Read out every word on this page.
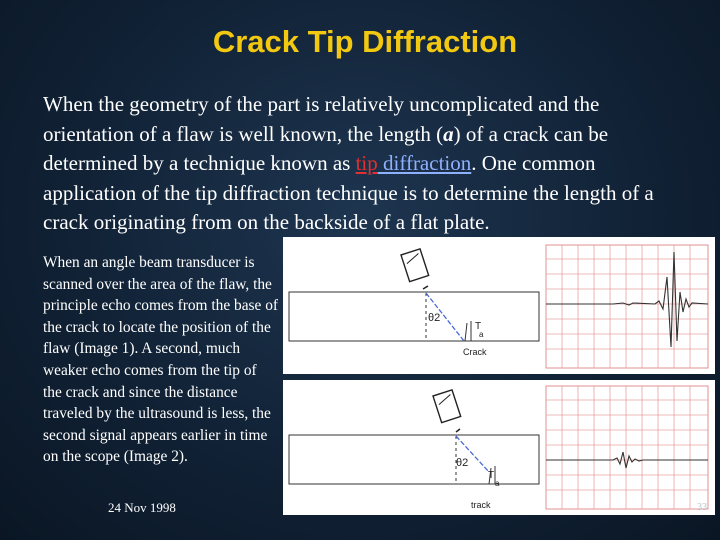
Crack Tip Diffraction

When the geometry of the part is relatively uncomplicated and the orientation of a flaw is well known, the length (a) of a crack can be determined by a technique known as tip diffraction. One common application of the tip diffraction technique is to determine the length of a crack originating from on the backside of a flat plate.

When an angle beam transducer is scanned over the area of the flaw, the principle echo comes from the base of the crack to locate the position of the flaw (Image 1). A second, much weaker echo comes from the tip of the crack and since the distance traveled by the ultrasound is less, the second signal appears earlier in time on the scope (Image 2).

24 Nov 1998
θ2
T
a
Crack
θ2
T
a
track	33
